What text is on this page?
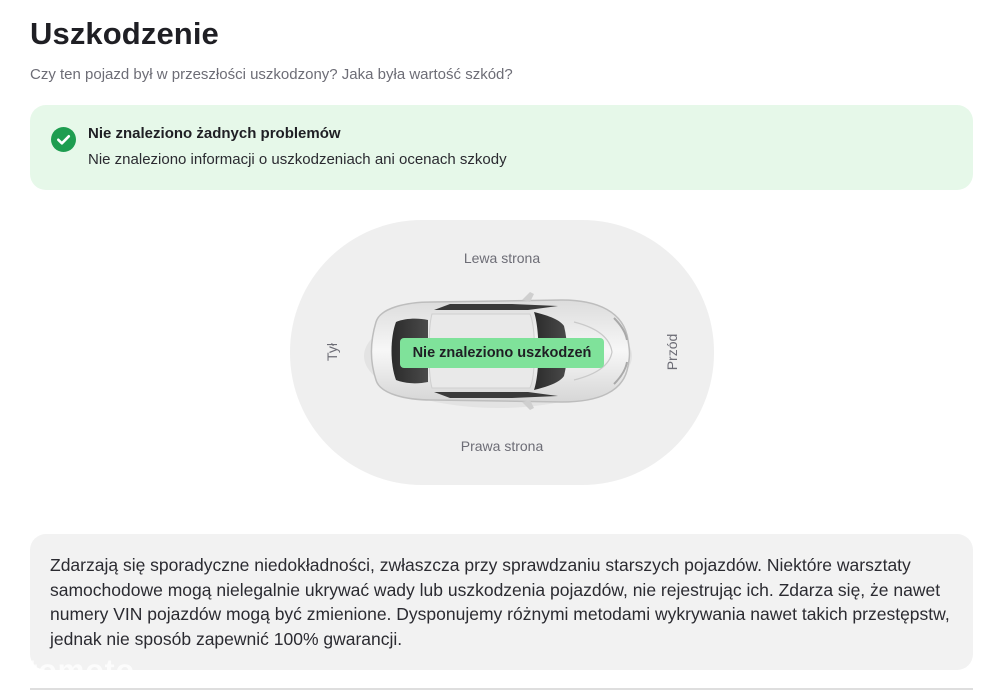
Uszkodzenie

Czy ten pojazd był w przeszłości uszkodzony? Jaka była wartość szkód?

Nie znaleziono żadnych problemów
Nie znaleziono informacji o uszkodzeniach ani ocenach szkody
Lewa strona
Prawa strona
Tył	Przód
Nie znaleziono uszkodzeń
Zdarzają się sporadyczne niedokładności, zwłaszcza przy sprawdzaniu starszych pojazdów. Niektóre warsztaty samochodowe mogą nielegalnie ukrywać wady lub uszkodzenia pojazdów, nie rejestrując ich. Zdarza się, że nawet numery VIN pojazdów mogą być zmienione. Dysponujemy różnymi metodami wykrywania nawet takich przestępstw, jednak nie sposób zapewnić 100% gwarancji.
otomoto
